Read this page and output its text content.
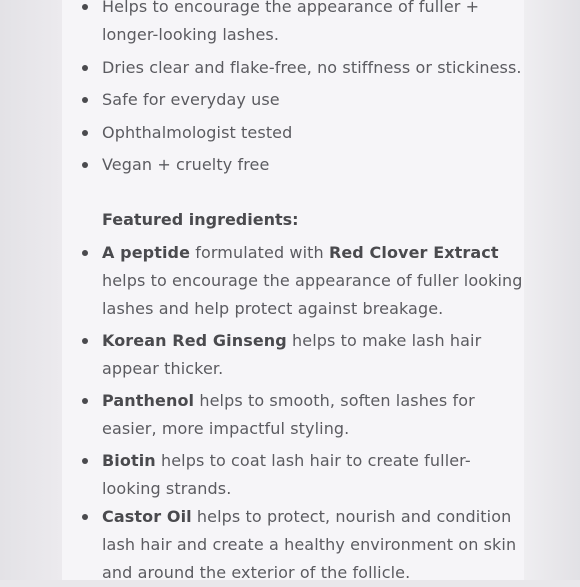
Helps to encourage the appearance of fuller + longer-looking lashes.
Dries clear and flake-free, no stiffness or stickiness.
Safe for everyday use
Ophthalmologist tested
Vegan + cruelty free
Featured ingredients:
A peptide formulated with Red Clover Extract helps to encourage the appearance of fuller looking lashes and help protect against breakage.
Korean Red Ginseng helps to make lash hair appear thicker.
Panthenol helps to smooth, soften lashes for easier, more impactful styling.
Biotin helps to coat lash hair to create fuller-looking strands.
Castor Oil helps to protect, nourish and condition lash hair and create a healthy environment on skin and around the exterior of the follicle.
